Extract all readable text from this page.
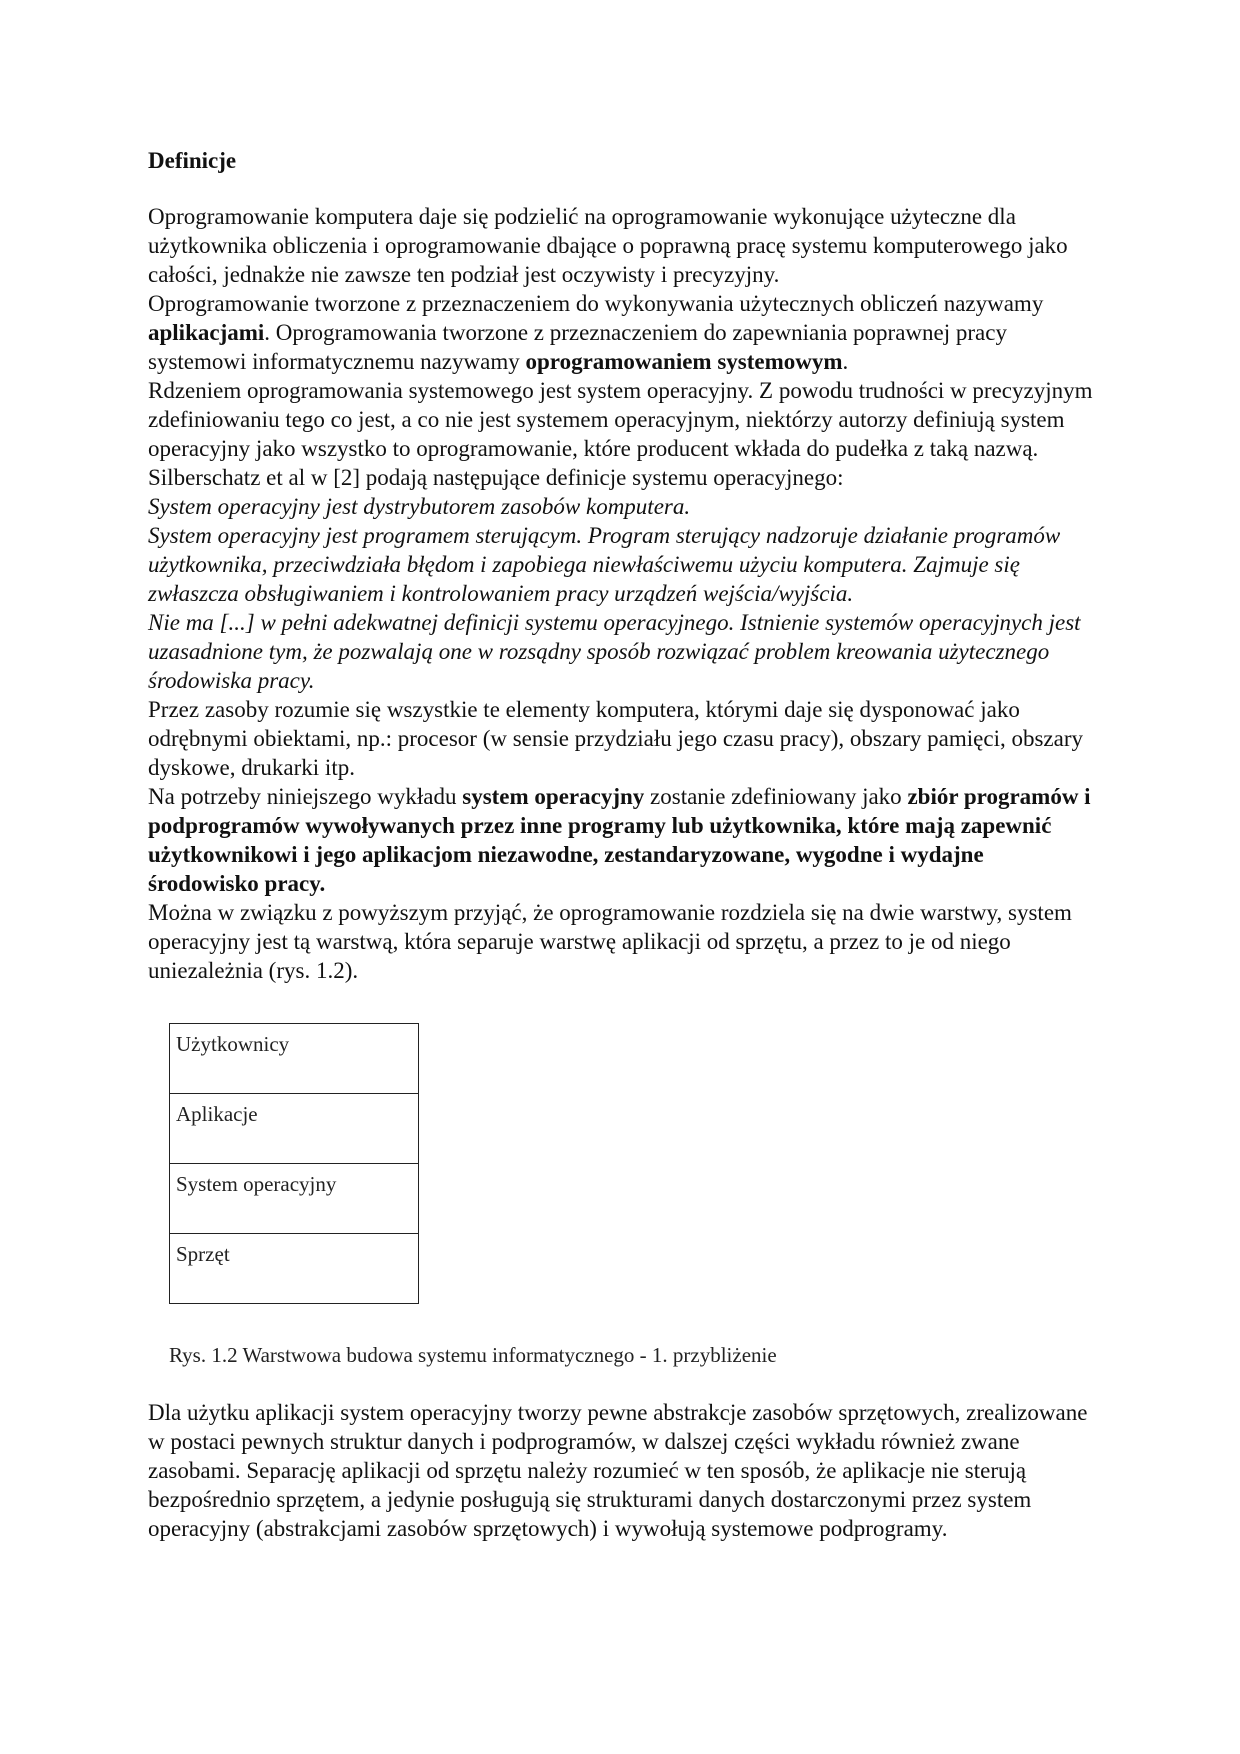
Definicje

Oprogramowanie komputera daje się podzielić na oprogramowanie wykonujące użyteczne dla użytkownika obliczenia i oprogramowanie dbające o poprawną pracę systemu komputerowego jako całości, jednakże nie zawsze ten podział jest oczywisty i precyzyjny.

Oprogramowanie tworzone z przeznaczeniem do wykonywania użytecznych obliczeń nazywamy aplikacjami. Oprogramowania tworzone z przeznaczeniem do zapewniania poprawnej pracy systemowi informatycznemu nazywamy oprogramowaniem systemowym.

Rdzeniem oprogramowania systemowego jest system operacyjny. Z powodu trudności w precyzyjnym zdefiniowaniu tego co jest, a co nie jest systemem operacyjnym, niektórzy autorzy definiują system operacyjny jako wszystko to oprogramowanie, które producent wkłada do pudełka z taką nazwą.

Silberschatz et al w [2] podają następujące definicje systemu operacyjnego:

System operacyjny jest dystrybutorem zasobów komputera.

System operacyjny jest programem sterującym. Program sterujący nadzoruje działanie programów użytkownika, przeciwdziała błędom i zapobiega niewłaściwemu użyciu komputera. Zajmuje się zwłaszcza obsługiwaniem i kontrolowaniem pracy urządzeń wejścia/wyjścia.

Nie ma [...] w pełni adekwatnej definicji systemu operacyjnego. Istnienie systemów operacyjnych jest uzasadnione tym, że pozwalają one w rozsądny sposób rozwiązać problem kreowania użytecznego środowiska pracy.

Przez zasoby rozumie się wszystkie te elementy komputera, którymi daje się dysponować jako odrębnymi obiektami, np.: procesor (w sensie przydziału jego czasu pracy), obszary pamięci, obszary dyskowe, drukarki itp.

Na potrzeby niniejszego wykładu system operacyjny zostanie zdefiniowany jako zbiór programów i podprogramów wywoływanych przez inne programy lub użytkownika, które mają zapewnić użytkownikowi i jego aplikacjom niezawodne, zestandaryzowane, wygodne i wydajne środowisko pracy.

Można w związku z powyższym przyjąć, że oprogramowanie rozdziela się na dwie warstwy, system operacyjny jest tą warstwą, która separuje warstwę aplikacji od sprzętu, a przez to je od niego uniezależnia (rys. 1.2).

Użytkownicy
Aplikacje
System operacyjny
Sprzęt
Rys. 1.2 Warstwowa budowa systemu informatycznego - 1. przybliżenie

Dla użytku aplikacji system operacyjny tworzy pewne abstrakcje zasobów sprzętowych, zrealizowane w postaci pewnych struktur danych i podprogramów, w dalszej części wykładu również zwane zasobami. Separację aplikacji od sprzętu należy rozumieć w ten sposób, że aplikacje nie sterują bezpośrednio sprzętem, a jedynie posługują się strukturami danych dostarczonymi przez system operacyjny (abstrakcjami zasobów sprzętowych) i wywołują systemowe podprogramy.
